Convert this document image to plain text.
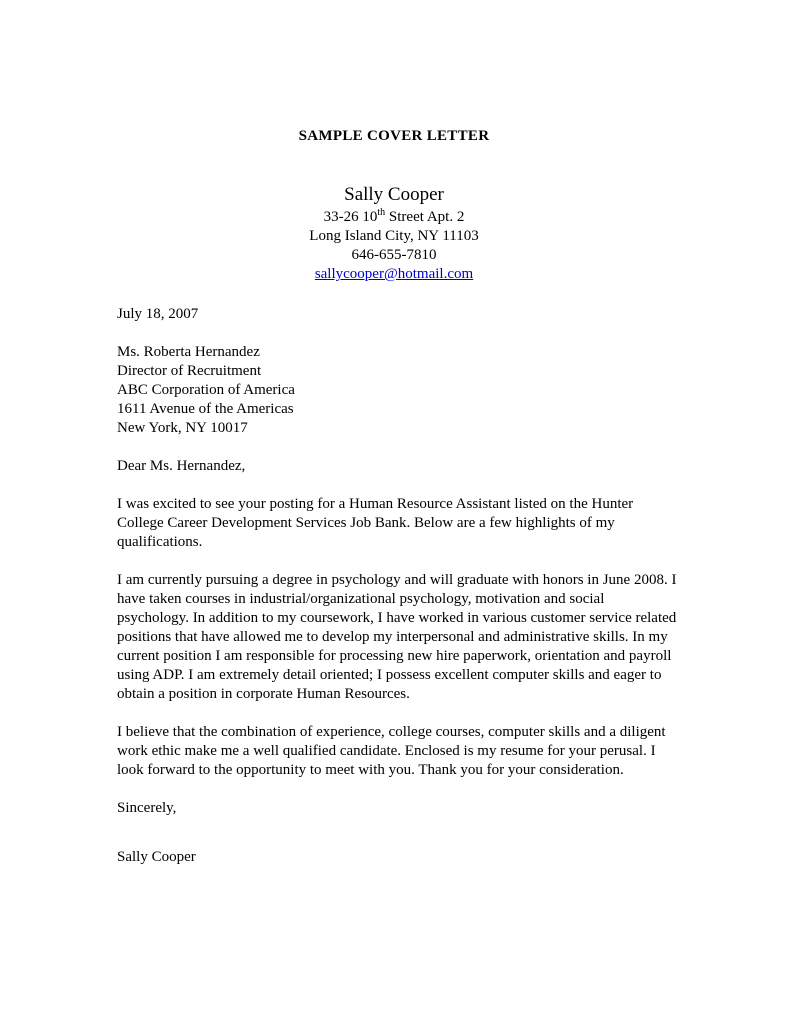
SAMPLE COVER LETTER
Sally Cooper
33-26 10th Street Apt. 2
Long Island City, NY 11103
646-655-7810
sallycooper@hotmail.com
July 18, 2007
Ms. Roberta Hernandez
Director of Recruitment
ABC Corporation of America
1611 Avenue of the Americas
New York, NY 10017
Dear Ms. Hernandez,
I was excited to see your posting for a Human Resource Assistant listed on the Hunter College Career Development Services Job Bank. Below are a few highlights of my qualifications.
I am currently pursuing a degree in psychology and will graduate with honors in June 2008. I have taken courses in industrial/organizational psychology, motivation and social psychology. In addition to my coursework, I have worked in various customer service related positions that have allowed me to develop my interpersonal and administrative skills. In my current position I am responsible for processing new hire paperwork, orientation and payroll using ADP. I am extremely detail oriented; I possess excellent computer skills and eager to obtain a position in corporate Human Resources.
I believe that the combination of experience, college courses, computer skills and a diligent work ethic make me a well qualified candidate. Enclosed is my resume for your perusal. I look forward to the opportunity to meet with you. Thank you for your consideration.
Sincerely,
Sally Cooper
